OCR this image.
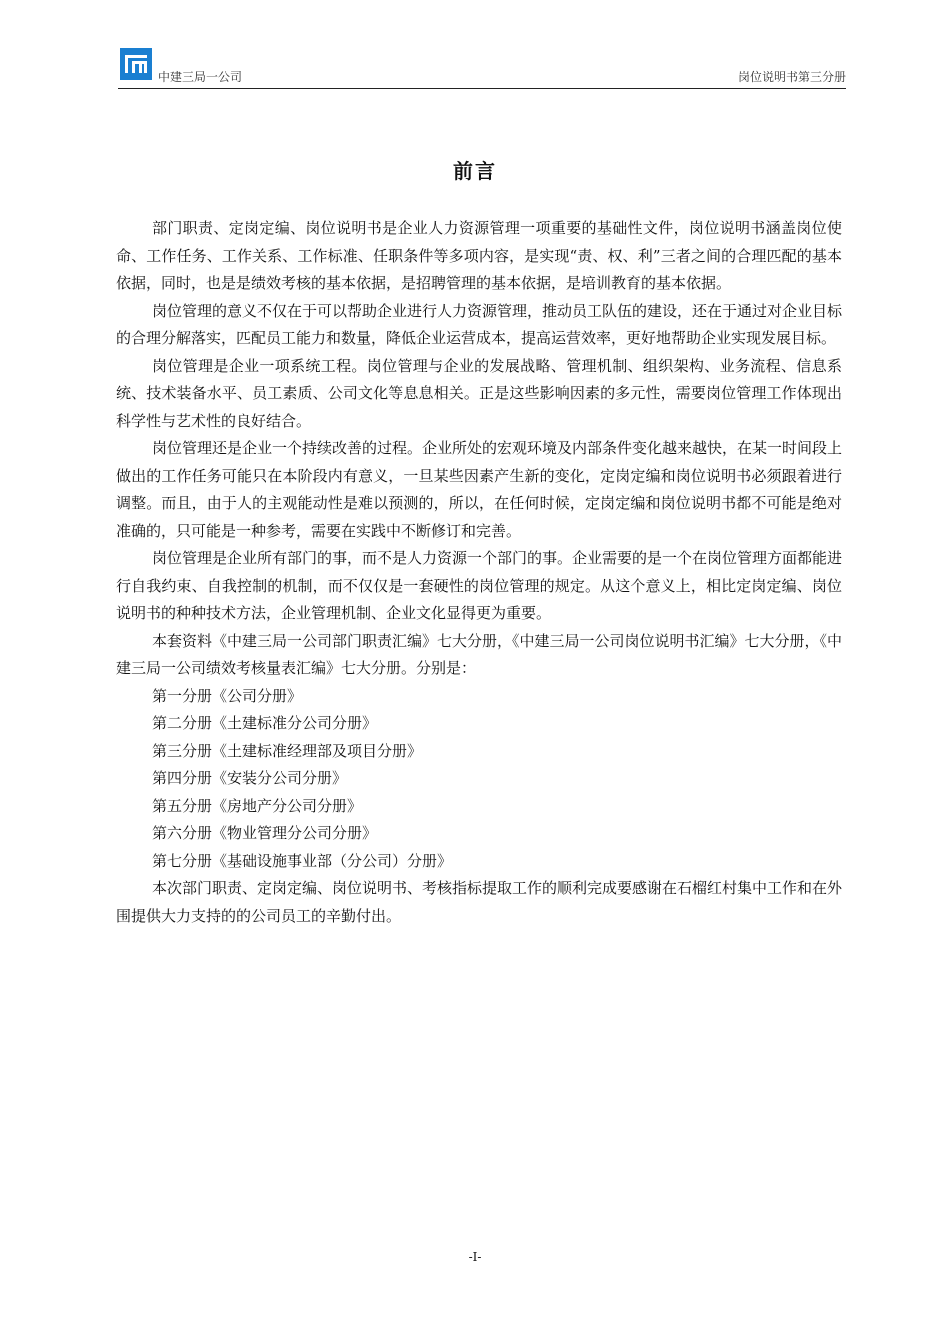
中建三局一公司	岗位说明书第三分册
前言

部门职责、定岗定编、岗位说明书是企业人力资源管理一项重要的基础性文件，岗位说明书涵盖岗位使命、工作任务、工作关系、工作标准、任职条件等多项内容，是实现“责、权、利”三者之间的合理匹配的基本依据，同时，也是是绩效考核的基本依据，是招聘管理的基本依据，是培训教育的基本依据。

岗位管理的意义不仅在于可以帮助企业进行人力资源管理，推动员工队伍的建设，还在于通过对企业目标的合理分解落实，匹配员工能力和数量，降低企业运营成本，提高运营效率，更好地帮助企业实现发展目标。

岗位管理是企业一项系统工程。岗位管理与企业的发展战略、管理机制、组织架构、业务流程、信息系统、技术装备水平、员工素质、公司文化等息息相关。正是这些影响因素的多元性，需要岗位管理工作体现出科学性与艺术性的良好结合。

岗位管理还是企业一个持续改善的过程。企业所处的宏观环境及内部条件变化越来越快，在某一时间段上做出的工作任务可能只在本阶段内有意义，一旦某些因素产生新的变化，定岗定编和岗位说明书必须跟着进行调整。而且，由于人的主观能动性是难以预测的，所以，在任何时候，定岗定编和岗位说明书都不可能是绝对准确的，只可能是一种参考，需要在实践中不断修订和完善。

岗位管理是企业所有部门的事，而不是人力资源一个部门的事。企业需要的是一个在岗位管理方面都能进行自我约束、自我控制的机制，而不仅仅是一套硬性的岗位管理的规定。从这个意义上，相比定岗定编、岗位说明书的种种技术方法，企业管理机制、企业文化显得更为重要。

本套资料《中建三局一公司部门职责汇编》七大分册，《中建三局一公司岗位说明书汇编》七大分册，《中建三局一公司绩效考核量表汇编》七大分册。分别是：

第一分册《公司分册》

第二分册《土建标准分公司分册》

第三分册《土建标准经理部及项目分册》

第四分册《安装分公司分册》

第五分册《房地产分公司分册》

第六分册《物业管理分公司分册》

第七分册《基础设施事业部（分公司）分册》

本次部门职责、定岗定编、岗位说明书、考核指标提取工作的顺利完成要感谢在石榴红村集中工作和在外围提供大力支持的的公司员工的辛勤付出。

-I-
